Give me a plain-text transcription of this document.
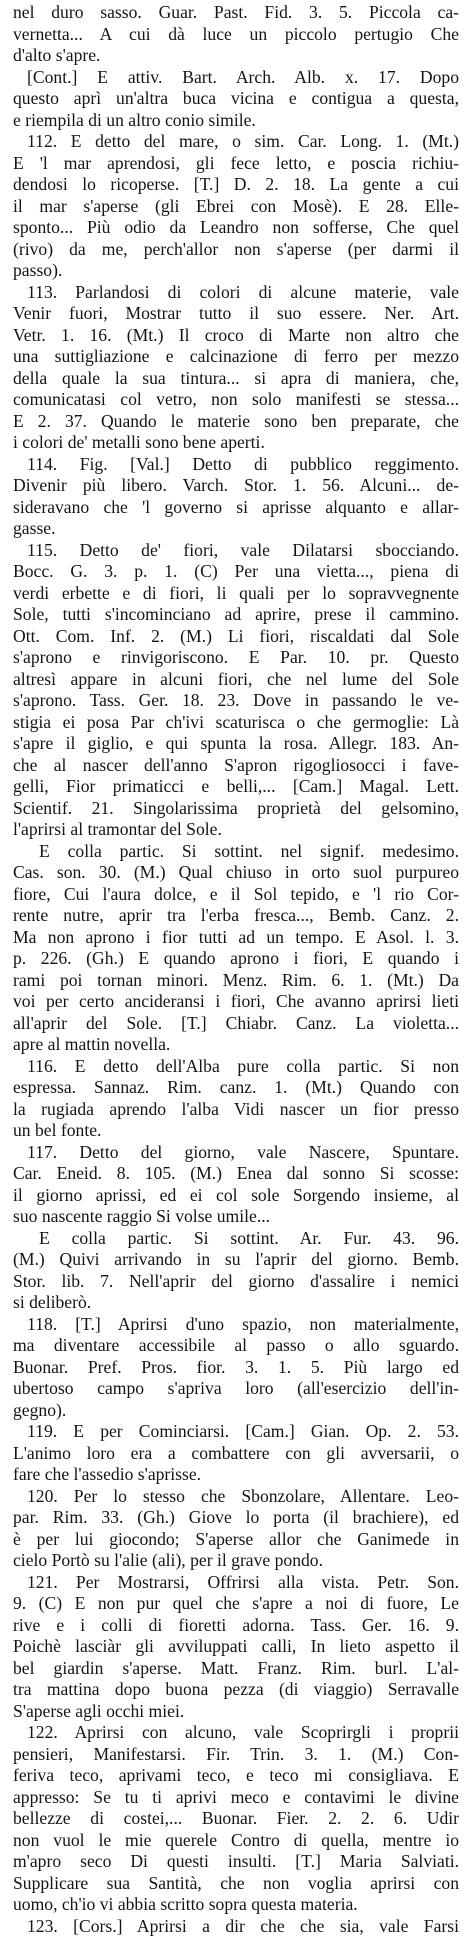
nel duro sasso. Guar. Past. Fid. 3. 5. Piccola ca-
vernetta... A cui dà luce un piccolo pertugio Che
d'alto s'apre.
[Cont.] E attiv. Bart. Arch. Alb. x. 17. Dopo
questo aprì un'altra buca vicina e contigua a questa,
e riempila di un altro conio simile.
112. E detto del mare, o sim. Car. Long. 1. (Mt.)
E 'l mar aprendosi, gli fece letto, e poscia richiu-
dendosi lo ricoperse. [T.] D. 2. 18. La gente a cui
il mar s'aperse (gli Ebrei con Mosè). E 28. Elle-
sponto... Più odio da Leandro non sofferse, Che quel
(rivo) da me, perch'allor non s'aperse (per darmi il
passo).
113. Parlandosi di colori di alcune materie, vale
Venir fuori, Mostrar tutto il suo essere. Ner. Art.
Vetr. 1. 16. (Mt.) Il croco di Marte non altro che
una suttigliazione e calcinazione di ferro per mezzo
della quale la sua tintura... si apra di maniera, che,
comunicatasi col vetro, non solo manifesti se stessa...
E 2. 37. Quando le materie sono ben preparate, che
i colori de' metalli sono bene aperti.
114. Fig. [Val.] Detto di pubblico reggimento.
Divenir più libero. Varch. Stor. 1. 56. Alcuni... de-
sideravano che 'l governo si aprisse alquanto e allar-
gasse.
115. Detto de' fiori, vale Dilatarsi sbocciando.
Bocc. G. 3. p. 1. (C) Per una vietta..., piena di
verdi erbette e di fiori, li quali per lo sopravvegnente
Sole, tutti s'incominciano ad aprire, prese il cammino.
Ott. Com. Inf. 2. (M.) Li fiori, riscaldati dal Sole
s'aprono e rinvigoriscono. E Par. 10. pr. Questo
altresì appare in alcuni fiori, che nel lume del Sole
s'aprono. Tass. Ger. 18. 23. Dove in passando le ve-
stigia ei posa Par ch'ivi scaturisca o che germoglie: Là
s'apre il giglio, e qui spunta la rosa. Allegr. 183. An-
che al nascer dell'anno S'apron rigogliosocci i fave-
gelli, Fior primaticci e belli,... [Cam.] Magal. Lett.
Scientif. 21. Singolarissima proprietà del gelsomino,
l'aprirsi al tramontar del Sole.
E colla partic. Si sottint. nel signif. medesimo.
Cas. son. 30. (M.) Qual chiuso in orto suol purpureo
fiore, Cui l'aura dolce, e il Sol tepido, e 'l rio Cor-
rente nutre, aprir tra l'erba fresca..., Bemb. Canz. 2.
Ma non aprono i fior tutti ad un tempo. E Asol. l. 3.
p. 226. (Gh.) E quando aprono i fiori, E quando i
rami poi tornan minori. Menz. Rim. 6. 1. (Mt.) Da
voi per certo ancideransi i fiori, Che avanno aprirsi lieti
all'aprir del Sole. [T.] Chiabr. Canz. La violetta...
apre al mattin novella.
116. E detto dell'Alba pure colla partic. Si non
espressa. Sannaz. Rim. canz. 1. (Mt.) Quando con
la rugiada aprendo l'alba Vidi nascer un fior presso
un bel fonte.
117. Detto del giorno, vale Nascere, Spuntare.
Car. Eneid. 8. 105. (M.) Enea dal sonno Si scosse:
il giorno aprissi, ed ei col sole Sorgendo insieme, al
suo nascente raggio Si volse umile...
E colla partic. Si sottint. Ar. Fur. 43. 96.
(M.) Quivi arrivando in su l'aprir del giorno. Bemb.
Stor. lib. 7. Nell'aprir del giorno d'assalire i nemici
si deliberò.
118. [T.] Aprirsi d'uno spazio, non materialmente,
ma diventare accessibile al passo o allo sguardo.
Buonar. Pref. Pros. fior. 3. 1. 5. Più largo ed
ubertoso campo s'apriva loro (all'esercizio dell'in-
gegno).
119. E per Cominciarsi. [Cam.] Gian. Op. 2. 53.
L'animo loro era a combattere con gli avversarii, o
fare che l'assedio s'aprisse.
120. Per lo stesso che Sbonzolare, Allentare. Leo-
par. Rim. 33. (Gh.) Giove lo porta (il brachiere), ed
è per lui giocondo; S'aperse allor che Ganimede in
cielo Portò su l'alie (ali), per il grave pondo.
121. Per Mostrarsi, Offrirsi alla vista. Petr. Son.
9. (C) E non pur quel che s'apre a noi di fuore, Le
rive e i colli di fioretti adorna. Tass. Ger. 16. 9.
Poichè lasciàr gli avviluppati calli, In lieto aspetto il
bel giardin s'aperse. Matt. Franz. Rim. burl. L'al-
tra mattina dopo buona pezza (di viaggio) Serravalle
S'aperse agli occhi miei.
122. Aprirsi con alcuno, vale Scoprirgli i proprii
pensieri, Manifestarsi. Fir. Trin. 3. 1. (M.) Con-
feriva teco, aprivami teco, e teco mi consigliava. E
appresso: Se tu ti aprivi meco e contavimi le divine
bellezze di costei,... Buonar. Fier. 2. 2. 6. Udir
non vuol le mie querele Contro di quella, mentre io
m'apro seco Di questi insulti. [T.] Maria Salviati.
Supplicare sua Santità, che non voglia aprirsi con
uomo, ch'io vi abbia scritto sopra questa materia.
123. [Cors.] Aprirsi a dir che che sia, vale Farsi
